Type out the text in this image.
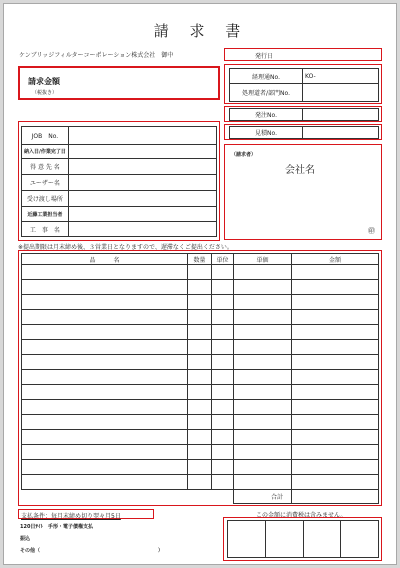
請 求 書
ケンブリッジフィルターコーポレーション株式会社　御中	発行日
請求金額
（税抜き）
経理通No.	KO-
処理道者/部門No.	
発注No.	
見積No.	
JOB　No.	
納入日/作業完了日	
得 意 先 名	
ユーザー名	
受け渡し場所	
近藤工業担当者	
工　事　名	
（請求者）
会社名
㊞
※提出期限は月末締め後、３営業日となりますので、遅滞なくご提出ください。
品　　　名	数量	単位	単価	金額

			合計	
支払条件：毎月末締め切り翌々月5日	この金額に消費税は含みません。
120日ｻｲﾄ　手形・電子債権支払
振込
その他（	）
